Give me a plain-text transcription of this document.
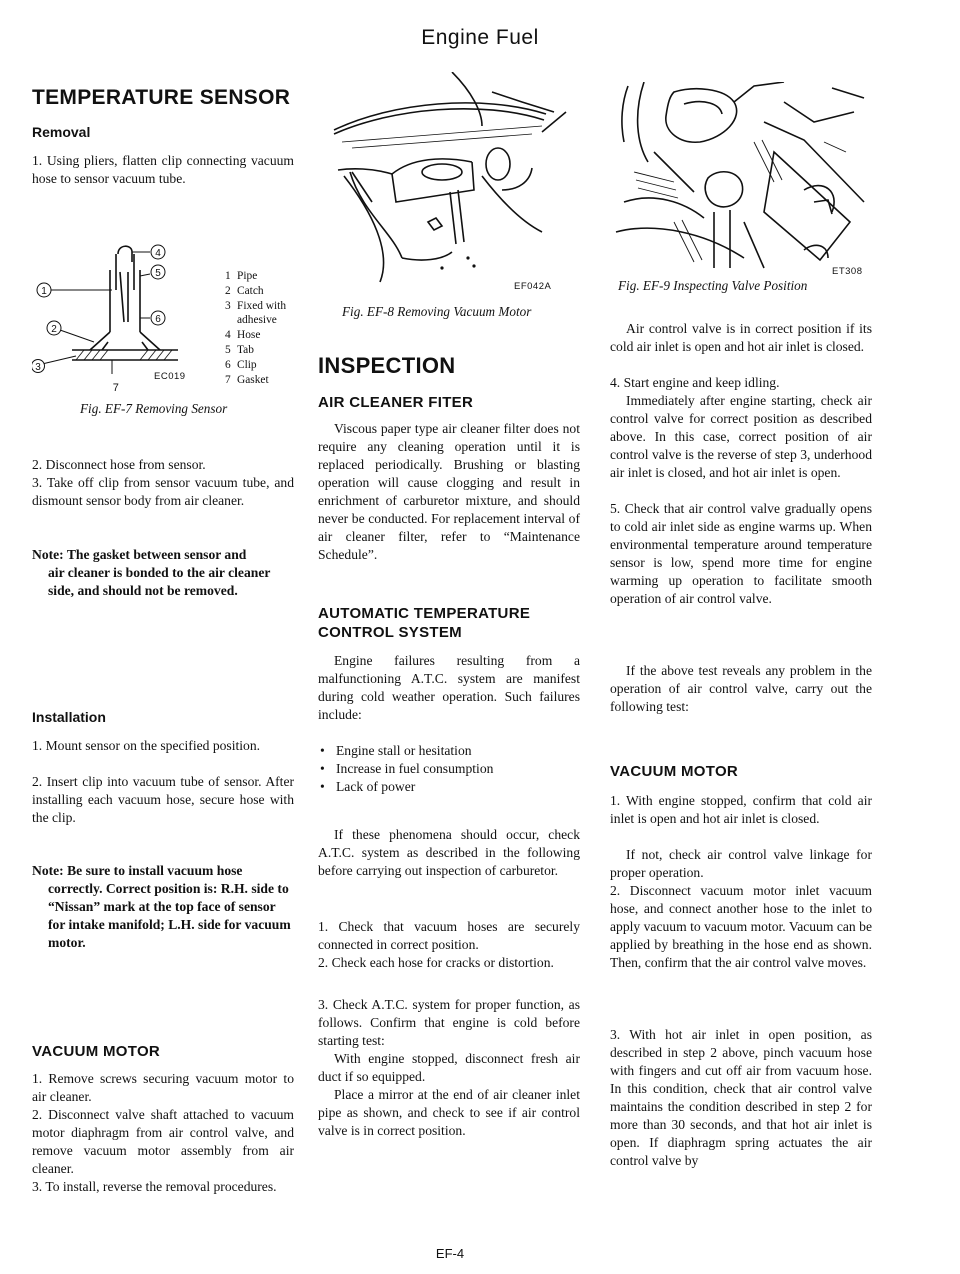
Engine Fuel
TEMPERATURE SENSOR
Removal

1. Using pliers, flatten clip connecting vacuum hose to sensor vacuum tube.

1
2
3
4
5
6
7
1 Pipe
2 Catch
3 Fixed with adhesive
4 Hose
5 Tab
6 Clip
7 Gasket
EC019
Fig. EF-7 Removing Sensor

2. Disconnect hose from sensor.

3. Take off clip from sensor vacuum tube, and dismount sensor body from air cleaner.

Note: The gasket between sensor and
air cleaner is bonded to the air cleaner side, and should not be removed.
Installation

1. Mount sensor on the specified position.

2. Insert clip into vacuum tube of sensor. After installing each vacuum hose, secure hose with the clip.

Note: Be sure to install vacuum hose
correctly. Correct position is: R.H. side to “Nissan” mark at the top face of sensor for intake manifold; L.H. side for vacuum motor.
VACUUM MOTOR

1. Remove screws securing vacuum motor to air cleaner.

2. Disconnect valve shaft attached to vacuum motor diaphragm from air control valve, and remove vacuum motor assembly from air cleaner.

3. To install, reverse the removal procedures.

EF042A
Fig. EF-8 Removing Vacuum Motor
INSPECTION
AIR CLEANER FITER

Viscous paper type air cleaner filter does not require any cleaning operation until it is replaced periodically. Brushing or blasting operation will cause clogging and result in enrichment of carburetor mixture, and should never be conducted. For replacement interval of air cleaner filter, refer to “Maintenance Schedule”.

AUTOMATIC TEMPERATURE CONTROL SYSTEM

Engine failures resulting from a malfunctioning A.T.C. system are manifest during cold weather operation. Such failures include:

• Engine stall or hesitation
• Increase in fuel consumption
• Lack of power

If these phenomena should occur, check A.T.C. system as described in the following before carrying out inspection of carburetor.

1. Check that vacuum hoses are securely connected in correct position.

2. Check each hose for cracks or distortion.

3. Check A.T.C. system for proper function, as follows. Confirm that engine is cold before starting test:

With engine stopped, disconnect fresh air duct if so equipped.

Place a mirror at the end of air cleaner inlet pipe as shown, and check to see if air control valve is in correct position.

ET308
Fig. EF-9 Inspecting Valve Position

Air control valve is in correct position if its cold air inlet is open and hot air inlet is closed.

4. Start engine and keep idling.

Immediately after engine starting, check air control valve for correct position as described above. In this case, correct position of air control valve is the reverse of step 3, underhood air inlet is closed, and hot air inlet is open.

5. Check that air control valve gradually opens to cold air inlet side as engine warms up. When environmental temperature around temperature sensor is low, spend more time for engine warming up operation to facilitate smooth operation of air control valve.

If the above test reveals any problem in the operation of air control valve, carry out the following test:

VACUUM MOTOR

1. With engine stopped, confirm that cold air inlet is open and hot air inlet is closed.

If not, check air control valve linkage for proper operation.

2. Disconnect vacuum motor inlet vacuum hose, and connect another hose to the inlet to apply vacuum to vacuum motor. Vacuum can be applied by breathing in the hose end as shown. Then, confirm that the air control valve moves.

3. With hot air inlet in open position, as described in step 2 above, pinch vacuum hose with fingers and cut off air from vacuum hose. In this condition, check that air control valve maintains the condition described in step 2 for more than 30 seconds, and that hot air inlet is open. If diaphragm spring actuates the air control valve by

EF-4
